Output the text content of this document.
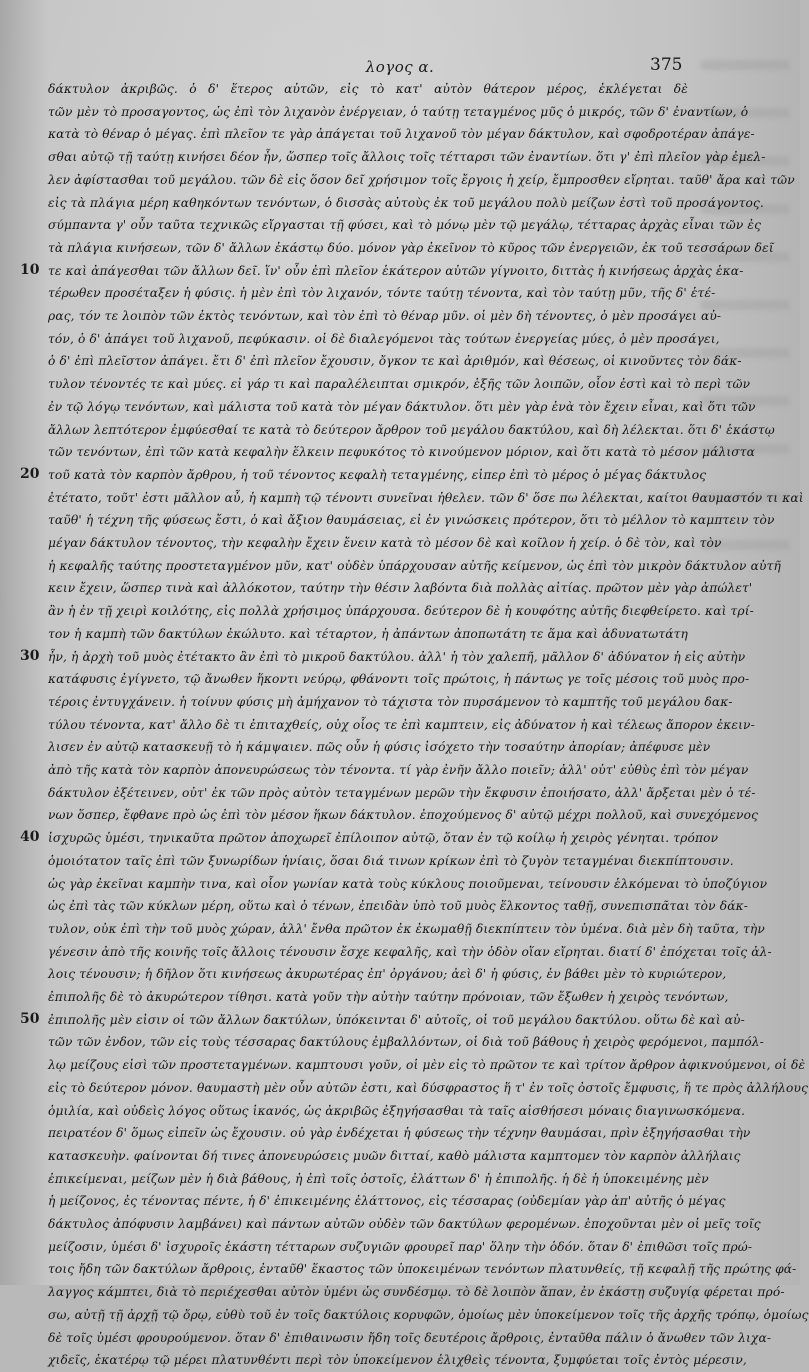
λογος α.	375
δάκτυλον ἀκριβῶς. ὁ δ' ἕτερος αὐτῶν, εἰς τὸ κατ' αὐτὸν θάτερον μέρος, ἐκλέγεται δὲ
τῶν μὲν τὸ προσαγοντος, ὡς ἐπὶ τὸν λιχανὸν ἐνέργειαν, ὁ ταύτῃ τεταγμένος μῦς ὁ μικρός, τῶν δ' ἐναντίων, ὁ
κατὰ τὸ θέναρ ὁ μέγας. ἐπὶ πλεῖον τε γὰρ ἀπάγεται τοῦ λιχανοῦ τὸν μέγαν δάκτυλον, καὶ σφοδροτέραν ἀπάγε-
σθαι αὐτῷ τῇ ταύτῃ κινήσει δέον ἦν, ὥσπερ τοῖς ἄλλοις τοῖς τέτταρσι τῶν ἐναντίων. ὅτι γ' ἐπὶ πλεῖον γὰρ ἐμελ-
λεν ἀφίστασθαι τοῦ μεγάλου. τῶν δὲ εἰς ὅσον δεῖ χρήσιμον τοῖς ἔργοις ἡ χείρ, ἔμπροσθεν εἴρηται. ταῦθ' ἄρα καὶ τῶν
εἰς τὰ πλάγια μέρη καθηκόντων τενόντων, ὁ δισσὰς αὐτοὺς ἐκ τοῦ μεγάλου πολὺ μείζων ἐστὶ τοῦ προσάγοντος.
σύμπαντα γ' οὖν ταῦτα τεχνικῶς εἴργασται τῇ φύσει, καὶ τὸ μόνῳ μὲν τῷ μεγάλῳ, τέτταρας ἀρχὰς εἶναι τῶν ἐς
τὰ πλάγια κινήσεων, τῶν δ' ἄλλων ἑκάστῳ δύο. μόνον γὰρ ἐκεῖνον τὸ κῦρος τῶν ἐνεργειῶν, ἐκ τοῦ τεσσάρων δεῖ
τε καὶ ἀπάγεσθαι τῶν ἄλλων δεῖ. ἵν' οὖν ἐπὶ πλεῖον ἑκάτερον αὐτῶν γίγνοιτο, διττὰς ἡ κινήσεως ἀρχὰς ἑκα-
τέρωθεν προσέταξεν ἡ φύσις. ἡ μὲν ἐπὶ τὸν λιχανόν, τόντε ταύτῃ τένοντα, καὶ τὸν ταύτῃ μῦν, τῆς δ' ἑτέ-
ρας, τόν τε λοιπὸν τῶν ἐκτὸς τενόντων, καὶ τὸν ἐπὶ τὸ θέναρ μῦν. οἱ μὲν δὴ τένοντες, ὁ μὲν προσάγει αὐ-
τόν, ὁ δ' ἀπάγει τοῦ λιχανοῦ, πεφύκασιν. οἱ δὲ διαλεγόμενοι τὰς τούτων ἐνεργείας μύες, ὁ μὲν προσάγει,
ὁ δ' ἐπὶ πλεῖστον ἀπάγει. ἔτι δ' ἐπὶ πλεῖον ἔχουσιν, ὄγκον τε καὶ ἀριθμόν, καὶ θέσεως, οἱ κινοῦντες τὸν δάκ-
τυλον τένοντές τε καὶ μύες. εἰ γάρ τι καὶ παραλέλειπται σμικρόν, ἑξῆς τῶν λοιπῶν, οἷον ἐστὶ καὶ τὸ περὶ τῶν
ἐν τῷ λόγῳ τενόντων, καὶ μάλιστα τοῦ κατὰ τὸν μέγαν δάκτυλον. ὅτι μὲν γὰρ ἐνὰ τὸν ἔχειν εἶναι, καὶ ὅτι τῶν
ἄλλων λεπτότερον ἐμφύεσθαί τε κατὰ τὸ δεύτερον ἄρθρον τοῦ μεγάλου δακτύλου, καὶ δὴ λέλεκται. ὅτι δ' ἑκάστῳ
τῶν τενόντων, ἐπὶ τῶν κατὰ κεφαλὴν ἕλκειν πεφυκότος τὸ κινούμενον μόριον, καὶ ὅτι κατὰ τὸ μέσον μάλιστα
τοῦ κατὰ τὸν καρπὸν ἄρθρου, ἡ τοῦ τένοντος κεφαλὴ τεταγμένης, εἰπερ ἐπὶ τὸ μέρος ὁ μέγας δάκτυλος
ἐτέτατο, τοῦτ' ἐστι μᾶλλον αὖ, ἡ καμπὴ τῷ τένοντι συνεῖναι ἠθελεν. τῶν δ' ὅσε πω λέλεκται, καίτοι θαυμαστόν τι καὶ
ταῦθ' ἡ τέχνη τῆς φύσεως ἔστι, ὁ καὶ ἄξιον θαυμάσειας, εἰ ἐν γινώσκεις πρότερον, ὅτι τὸ μέλλον τὸ καμπτειν τὸν
μέγαν δάκτυλον τένοντος, τὴν κεφαλὴν ἔχειν ἔνειν κατὰ τὸ μέσον δὲ καὶ κοῖλον ἡ χείρ. ὁ δὲ τὸν, καὶ τὸν
ἡ κεφαλῆς ταύτης προστεταγμένον μῦν, κατ' οὐδὲν ὑπάρχουσαν αὐτῆς κείμενον, ὡς ἐπὶ τὸν μικρὸν δάκτυλον αὐτῆ
κειν ἔχειν, ὥσπερ τινὰ καὶ ἀλλόκοτον, ταύτην τὴν θέσιν λαβόντα διὰ πολλὰς αἰτίας. πρῶτον μὲν γὰρ ἀπώλετ'
ἂν ἡ ἐν τῇ χειρὶ κοιλότης, εἰς πολλὰ χρήσιμος ὑπάρχουσα. δεύτερον δὲ ἡ κουφότης αὐτῆς διεφθείρετο. καὶ τρί-
τον ἡ καμπὴ τῶν δακτύλων ἐκώλυτο. καὶ τέταρτον, ἡ ἀπάντων ἀποπωτάτη τε ἅμα καὶ ἀδυνατωτάτη
ἦν, ἡ ἀρχὴ τοῦ μυὸς ἐτέτακτο ἂν ἐπὶ τὸ μικροῦ δακτύλου. ἀλλ' ἡ τὸν χαλεπῆ, μᾶλλον δ' ἀδύνατον ἡ εἰς αὐτὴν
κατάφυσις ἐγίγνετο, τῷ ἄνωθεν ἥκοντι νεύρῳ, φθάνοντι τοῖς πρώτοις, ἡ πάντως γε τοῖς μέσοις τοῦ μυὸς προ-
τέροις ἐντυγχάνειν. ἡ τοίνυν φύσις μὴ ἀμήχανον τὸ τάχιστα τὸν πυρσάμενον τὸ καμπτῆς τοῦ μεγάλου δακ-
τύλου τένοντα, κατ' ἄλλο δὲ τι ἐπιταχθείς, οὐχ οἷος τε ἐπὶ καμπτειν, εἰς ἀδύνατον ἡ καὶ τέλεως ἄπορον ἐκειν-
λισεν ἐν αὐτῷ κατασκευῇ τὸ ἠ κάμψαιεν. πῶς οὖν ἡ φύσις ἰσόχετο τὴν τοσαύτην ἀπορίαν; ἀπέφυσε μὲν
ἀπὸ τῆς κατὰ τὸν καρπὸν ἀπονευρώσεως τὸν τένοντα. τί γὰρ ἐνῆν ἄλλο ποιεῖν; ἀλλ' οὐτ' εὐθὺς ἐπὶ τὸν μέγαν
δάκτυλον ἐξέτεινεν, οὐτ' ἐκ τῶν πρὸς αὐτὸν τεταγμένων μερῶν τὴν ἔκφυσιν ἐποιήσατο, ἀλλ' ἄρξεται μὲν ὁ τέ-
νων ὅσπερ, ἔφθανε πρὸ ὡς ἐπὶ τὸν μέσον ἥκων δάκτυλον. ἐποχούμενος δ' αὐτῷ μέχρι πολλοῦ, καὶ συνεχόμενος
ἰσχυρῶς ὑμέσι, τηνικαῦτα πρῶτον ἀποχωρεῖ ἐπίλοιπον αὐτῷ, ὅταν ἐν τῷ κοίλῳ ἡ χειρὸς γένηται. τρόπον
ὁμοιότατον ταῖς ἐπὶ τῶν ξυνωρίδων ἡνίαις, ὅσαι διά τινων κρίκων ἐπὶ τὸ ζυγὸν τεταγμέναι διεκπίπτουσιν.
ὡς γὰρ ἐκεῖναι καμπὴν τινα, καὶ οἷον γωνίαν κατὰ τοὺς κύκλους ποιοῦμεναι, τείνουσιν ἑλκόμεναι τὸ ὑποζύγιον
ὡς ἐπὶ τὰς τῶν κύκλων μέρη, οὕτω καὶ ὁ τένων, ἐπειδὰν ὑπὸ τοῦ μυὸς ἕλκοντος ταθῇ, συνεπισπᾶται τὸν δάκ-
τυλον, οὐκ ἐπὶ τὴν τοῦ μυὸς χώραν, ἀλλ' ἔνθα πρῶτον ἐκ ἐκωμαθῇ διεκπίπτειν τὸν ὑμένα. διὰ μὲν δὴ ταῦτα, τὴν
γένεσιν ἀπὸ τῆς κοινῆς τοῖς ἄλλοις τένουσιν ἔσχε κεφαλῆς, καὶ τὴν ὁδὸν οἵαν εἴρηται. διατί δ' ἐπόχεται τοῖς ἀλ-
λοις τένουσιν; ἡ δῆλον ὅτι κινήσεως ἀκυρωτέρας ἐπ' ὀργάνου; ἀεὶ δ' ἡ φύσις, ἐν βάθει μὲν τὸ κυριώτερον,
ἐπιπολῆς δὲ τὸ ἀκυρώτερον τίθησι. κατὰ γοῦν τὴν αὐτὴν ταύτην πρόνοιαν, τῶν ἔξωθεν ἡ χειρὸς τενόντων,
ἐπιπολῆς μὲν εἰσιν οἱ τῶν ἄλλων δακτύλων, ὑπόκεινται δ' αὐτοῖς, οἱ τοῦ μεγάλου δακτύλου. οὕτω δὲ καὶ αὐ-
τῶν τῶν ἐνδον, τῶν εἰς τοὺς τέσσαρας δακτύλους ἐμβαλλόντων, οἱ διὰ τοῦ βάθους ἡ χειρὸς φερόμενοι, παμπόλ-
λῳ μείζους εἰσὶ τῶν προστεταγμένων. καμπτουσι γοῦν, οἱ μὲν εἰς τὸ πρῶτον τε καὶ τρίτον ἄρθρον ἀφικνούμενοι, οἱ δὲ
εἰς τὸ δεύτερον μόνον. θαυμαστὴ μὲν οὖν αὐτῶν ἐστι, καὶ δύσφραστος ἥ τ' ἐν τοῖς ὀστοῖς ἔμφυσις, ἥ τε πρὸς ἀλλήλους
ὁμιλία, καὶ οὐδεὶς λόγος οὕτως ἱκανός, ὡς ἀκριβῶς ἐξηγήσασθαι τὰ ταῖς αἰσθήσεσι μόναις διαγινωσκόμενα.
πειρατέον δ' ὅμως εἰπεῖν ὡς ἔχουσιν. οὐ γὰρ ἐνδέχεται ἡ φύσεως τὴν τέχνην θαυμάσαι, πρὶν ἐξηγήσασθαι τὴν
κατασκευὴν. φαίνονται δή τινες ἀπονευρώσεις μυῶν διτταί, καθὸ μάλιστα καμπτομεν τὸν καρπὸν ἀλλήλαις
ἐπικείμεναι, μείζων μὲν ἡ διὰ βάθους, ἡ ἐπὶ τοῖς ὀστοῖς, ἐλάττων δ' ἡ ἐπιπολῆς. ἡ δὲ ἡ ὑποκειμένης μὲν
ἡ μείζονος, ἐς τένοντας πέντε, ἡ δ' ἐπικειμένης ἐλάττονος, εἰς τέσσαρας (οὐδεμίαν γὰρ ἀπ' αὐτῆς ὁ μέγας
δάκτυλος ἀπόφυσιν λαμβάνει) καὶ πάντων αὐτῶν οὐδὲν τῶν δακτύλων φερομένων. ἐποχοῦνται μὲν οἱ μεῖς τοῖς
μείζοσιν, ὑμέσι δ' ἰσχυροῖς ἑκάστη τέτταρων συζυγιῶν φρουρεῖ παρ' ὅλην τὴν ὁδόν. ὅταν δ' ἐπιθῶσι τοῖς πρώ-
τοις ἤδη τῶν δακτύλων ἄρθροις, ἐνταῦθ' ἕκαστος τῶν ὑποκειμένων τενόντων πλατυνθείς, τῇ κεφαλῇ τῆς πρώτης φά-
λαγγος κάμπτει, διὰ τὸ περιέχεσθαι αὐτὸν ὑμένι ὡς συνδέσμῳ. τὸ δὲ λοιπὸν ἅπαν, ἐν ἑκάστῃ συζυγίᾳ φέρεται πρό-
σω, αὐτῇ τῇ ἀρχῇ τῷ ὄρῳ, εὐθὺ τοῦ ἐν τοῖς δακτύλοις κορυφῶν, ὁμοίως μὲν ὑποκείμενον τοῖς τῆς ἀρχῆς τρόπῳ, ὁμοίως
δὲ τοῖς ὑμέσι φρουρούμενον. ὅταν δ' ἐπιθαινωσιν ἤδη τοῖς δευτέροις ἄρθροις, ἐνταῦθα πάλιν ὁ ἄνωθεν τῶν λιχα-
χιδεῖς, ἑκατέρῳ τῷ μέρει πλατυνθέντι περὶ τὸν ὑποκείμενον ἑλιχθεὶς τένοντα, ξυμφύεται τοῖς ἐντὸς μέρεσιν,
10
20
30
40
50
